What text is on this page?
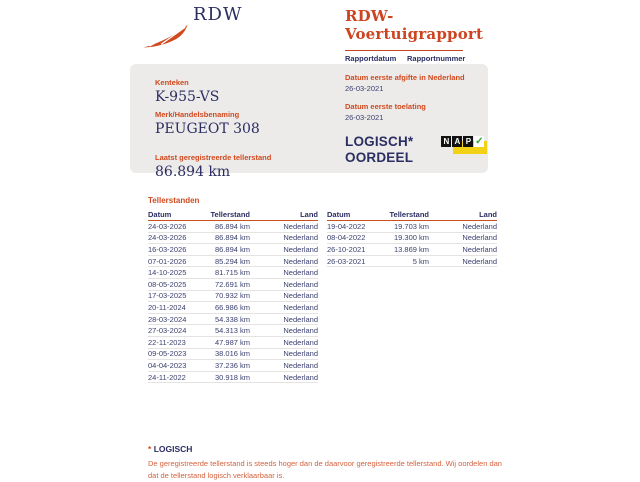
RDW	RDW-Voertuigrapport
Rapportdatum Rapportnummer
Kenteken
K-955-VS
Merk/Handelsbenaming
PEUGEOT 308
Laatst geregistreerde tellerstand
86.894 km
Datum eerste afgifte in Nederland
26-03-2021
Datum eerste toelating
26-03-2021
LOGISCH*
OORDEEL
N A P ✓
Tellerstanden
Datum	Tellerstand	Land
24-03-2026	86.894 km	Nederland
24-03-2026	86.894 km	Nederland
16-03-2026	86.894 km	Nederland
07-01-2026	85.294 km	Nederland
14-10-2025	81.715 km	Nederland
08-05-2025	72.691 km	Nederland
17-03-2025	70.932 km	Nederland
20-11-2024	66.986 km	Nederland
28-03-2024	54.338 km	Nederland
27-03-2024	54.313 km	Nederland
22-11-2023	47.987 km	Nederland
09-05-2023	38.016 km	Nederland
04-04-2023	37.236 km	Nederland
24-11-2022	30.918 km	Nederland
Datum	Tellerstand	Land
19-04-2022	19.703 km	Nederland
08-04-2022	19.300 km	Nederland
26-10-2021	13.869 km	Nederland
26-03-2021	5 km	Nederland
* LOGISCH
De geregistreerde tellerstand is steeds hoger dan de daarvoor geregistreerde tellerstand. Wij oordelen dan dat de tellerstand logisch verklaarbaar is.
